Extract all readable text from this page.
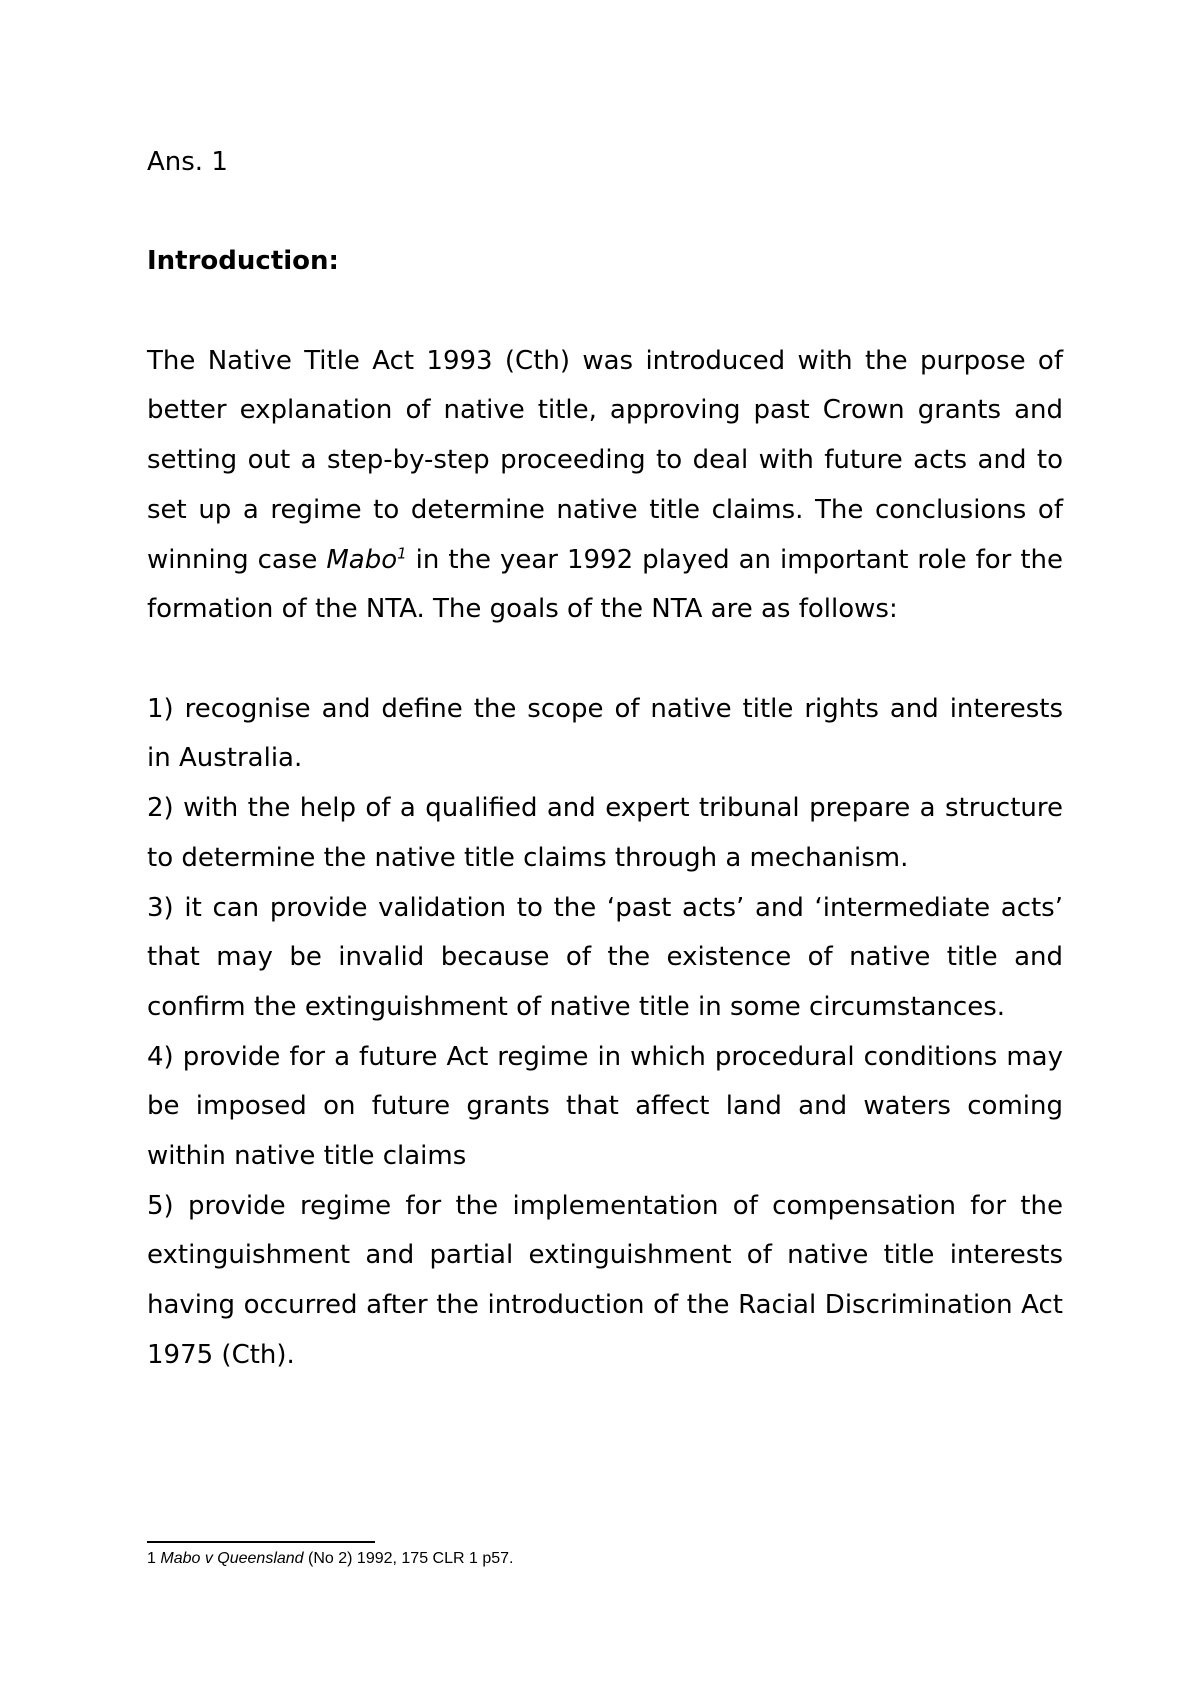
Ans. 1

Introduction:

The Native Title Act 1993 (Cth) was introduced with the purpose of better explanation of native title, approving past Crown grants and setting out a step-by-step proceeding to deal with future acts and to set up a regime to determine native title claims. The conclusions of winning case Mabo$^1$ in the year 1992 played an important role for the formation of the NTA. The goals of the NTA are as follows:

1) recognise and define the scope of native title rights and interests in Australia.

2) with the help of a qualified and expert tribunal prepare a structure to determine the native title claims through a mechanism.

3) it can provide validation to the ‘past acts’ and ‘intermediate acts’ that may be invalid because of the existence of native title and confirm the extinguishment of native title in some circumstances.

4) provide for a future Act regime in which procedural conditions may be imposed on future grants that affect land and waters coming within native title claims

5) provide regime for the implementation of compensation for the extinguishment and partial extinguishment of native title interests having occurred after the introduction of the Racial Discrimination Act 1975 (Cth).

1 Mabo v Queensland (No 2) 1992, 175 CLR 1 p57.
